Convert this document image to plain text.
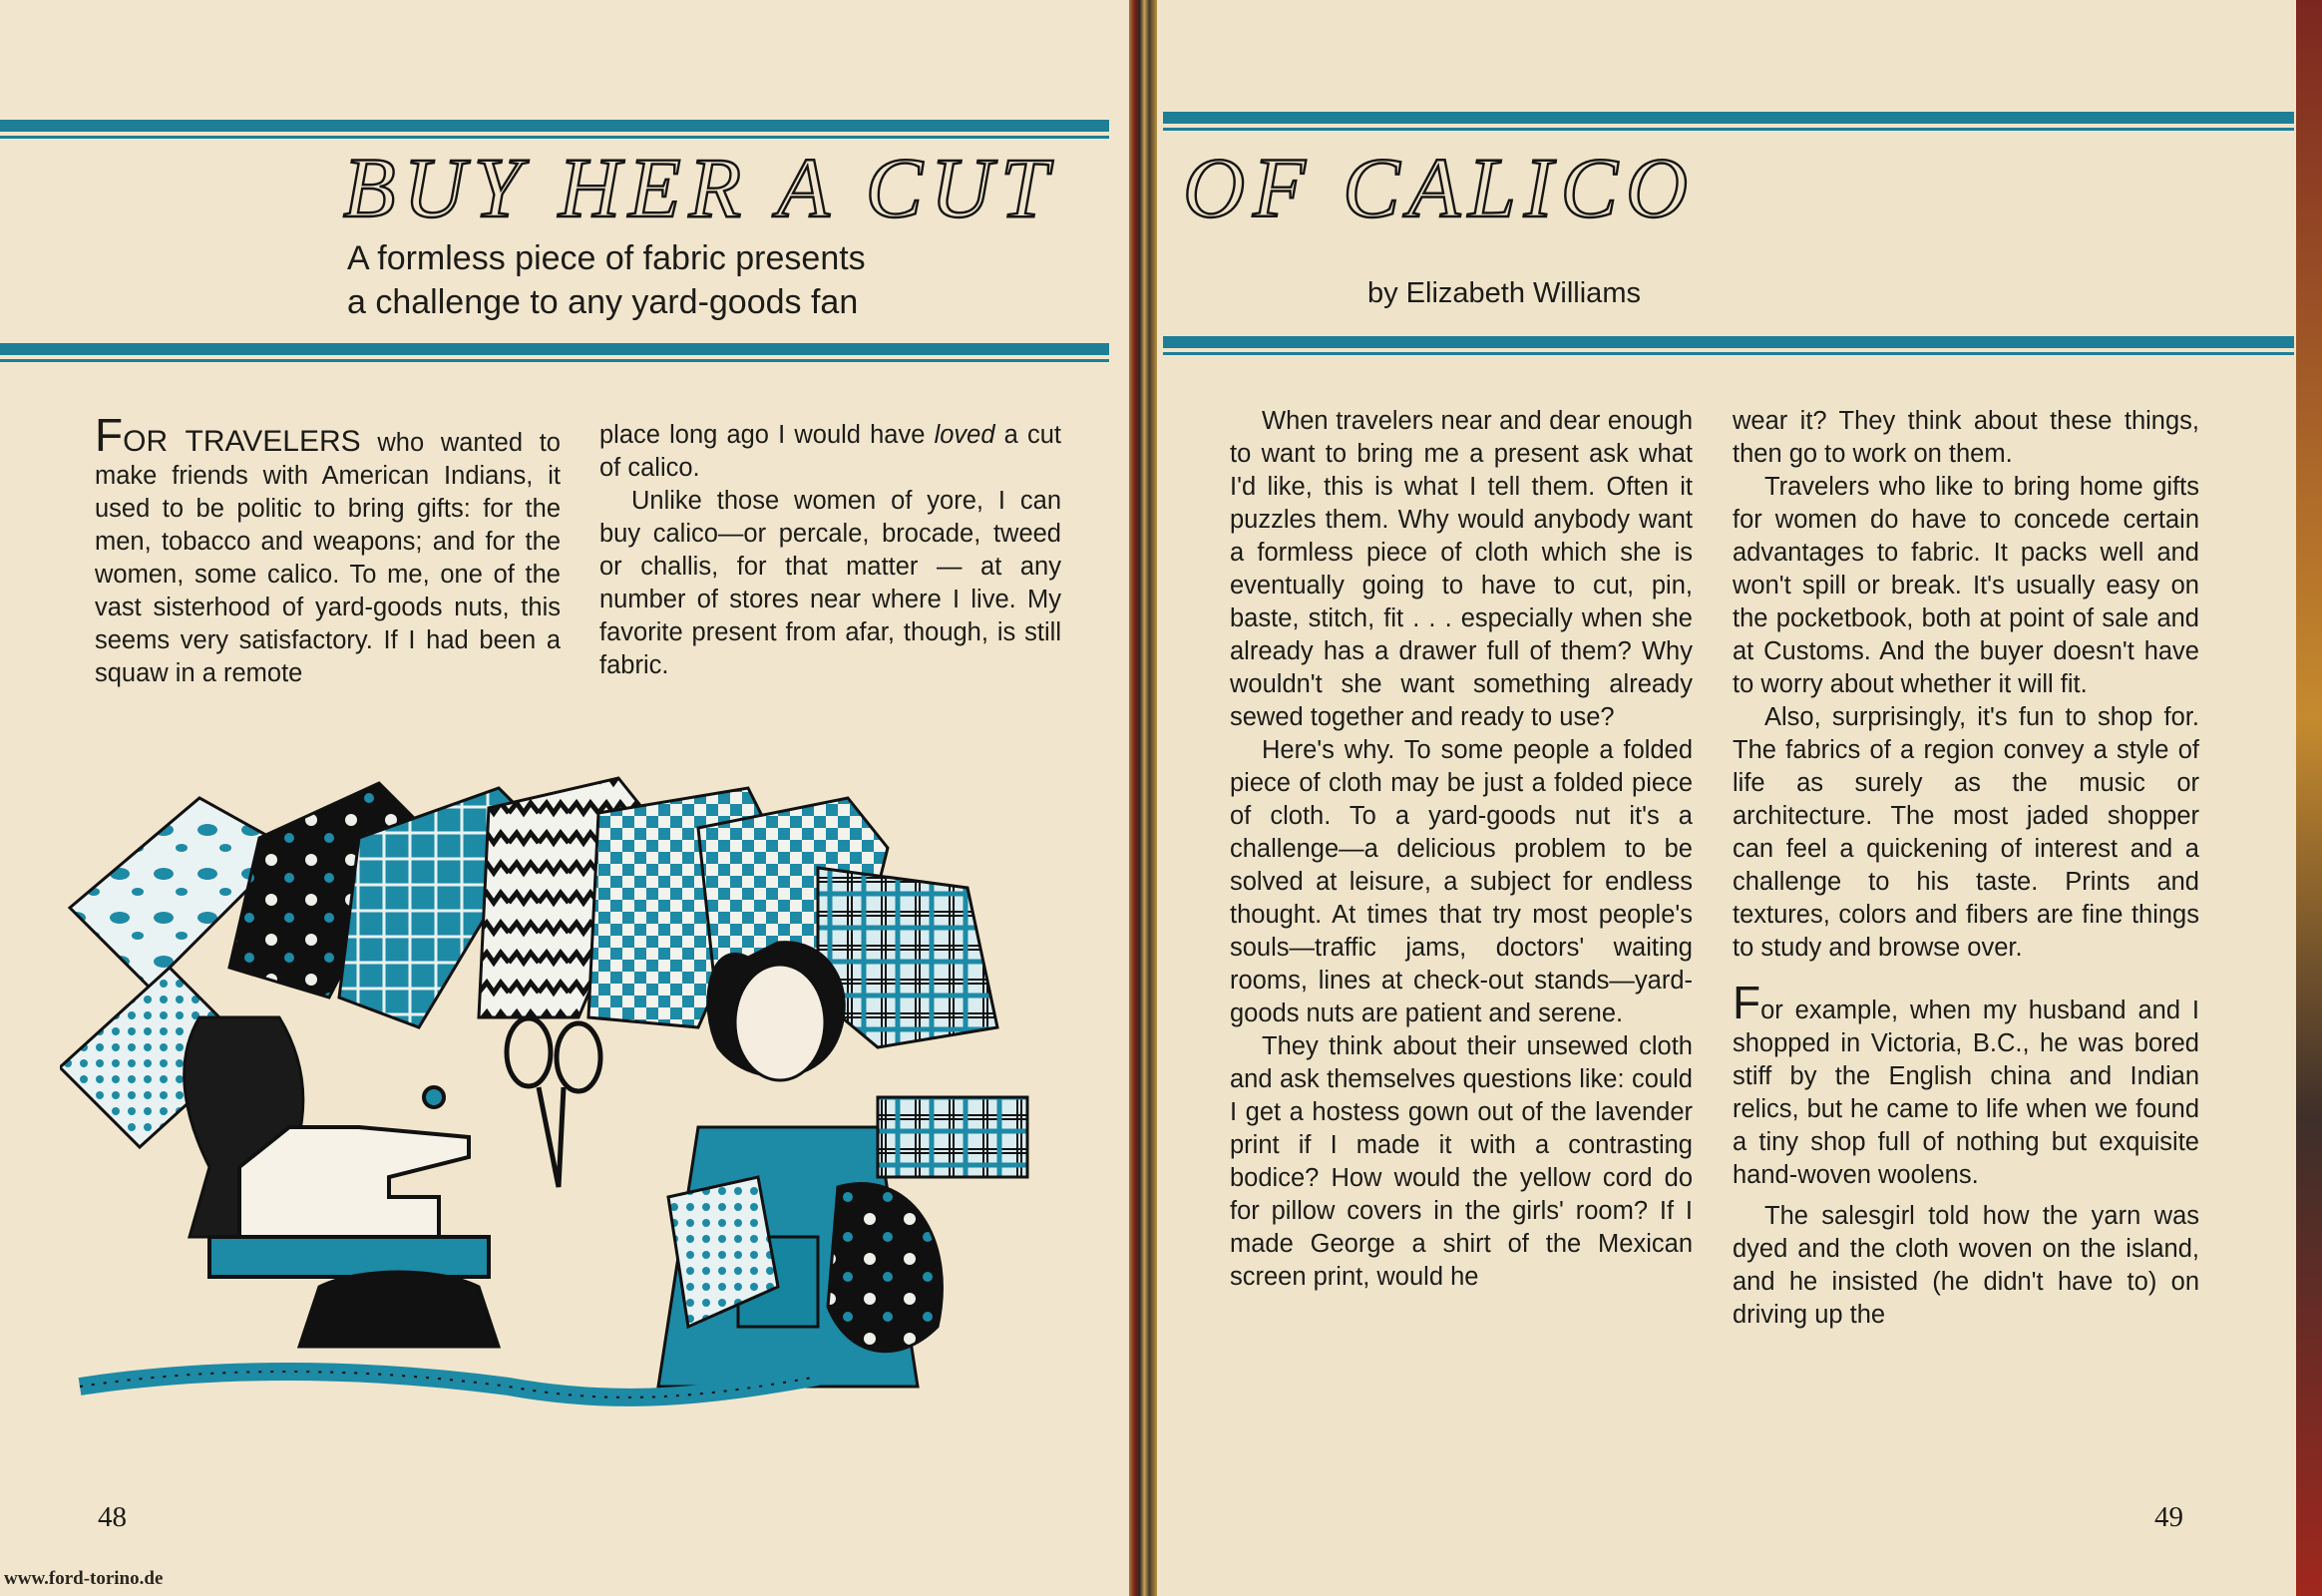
BUY HER A CUT OF CALICO
A formless piece of fabric presents
a challenge to any yard-goods fan	by Elizabeth Williams

FOR TRAVELERS who wanted to make friends with American Indians, it used to be politic to bring gifts: for the men, tobacco and weapons; and for the women, some calico. To me, one of the vast sisterhood of yard-goods nuts, this seems very satisfactory. If I had been a squaw in a remote

place long ago I would have loved a cut of calico.

Unlike those women of yore, I can buy calico—or percale, brocade, tweed or challis, for that matter — at any number of stores near where I live. My favorite present from afar, though, is still fabric.

When travelers near and dear enough to want to bring me a present ask what I'd like, this is what I tell them. Often it puzzles them. Why would anybody want a formless piece of cloth which she is eventually going to have to cut, pin, baste, stitch, fit . . . especially when she already has a drawer full of them? Why wouldn't she want something already sewed together and ready to use?

Here's why. To some people a folded piece of cloth may be just a folded piece of cloth. To a yard-goods nut it's a challenge—a delicious problem to be solved at leisure, a subject for endless thought. At times that try most people's souls—traffic jams, doctors' waiting rooms, lines at check-out stands—yard-goods nuts are patient and serene.

They think about their unsewed cloth and ask themselves questions like: could I get a hostess gown out of the lavender print if I made it with a contrasting bodice? How would the yellow cord do for pillow covers in the girls' room? If I made George a shirt of the Mexican screen print, would he

wear it? They think about these things, then go to work on them.

Travelers who like to bring home gifts for women do have to concede certain advantages to fabric. It packs well and won't spill or break. It's usually easy on the pocketbook, both at point of sale and at Customs. And the buyer doesn't have to worry about whether it will fit.

Also, surprisingly, it's fun to shop for. The fabrics of a region convey a style of life as surely as the music or architecture. The most jaded shopper can feel a quickening of interest and a challenge to his taste. Prints and textures, colors and fibers are fine things to study and browse over.

For example, when my husband and I shopped in Victoria, B.C., he was bored stiff by the English china and Indian relics, but he came to life when we found a tiny shop full of nothing but exquisite hand-woven woolens.

The salesgirl told how the yarn was dyed and the cloth woven on the island, and he insisted (he didn't have to) on driving up the

48	49
www.ford-torino.de
